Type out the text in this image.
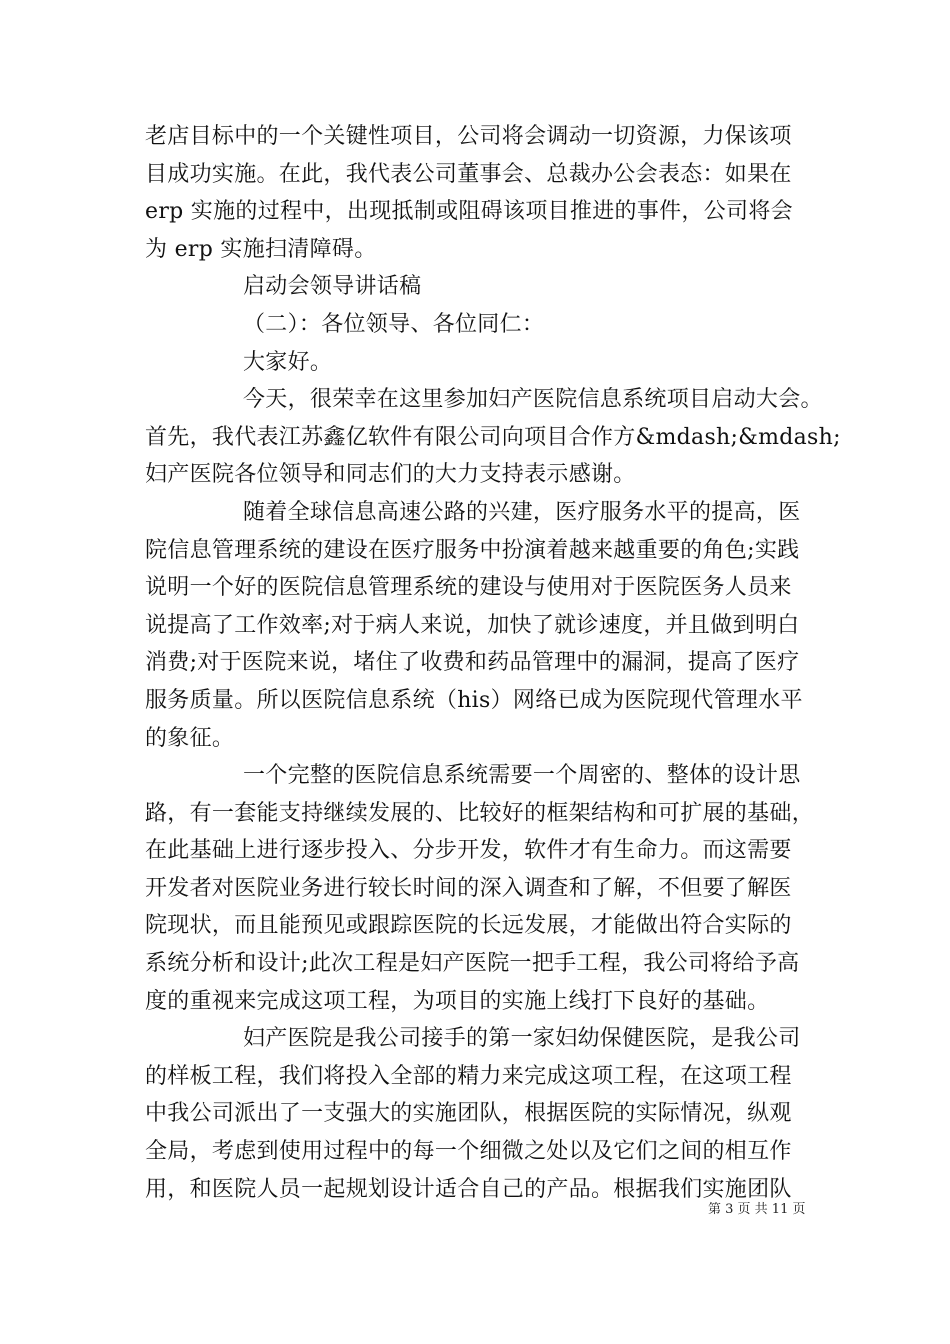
老店目标中的一个关键性项目，公司将会调动一切资源，力保该项
目成功实施。在此，我代表公司董事会、总裁办公会表态：如果在
erp 实施的过程中，出现抵制或阻碍该项目推进的事件，公司将会
为 erp 实施扫清障碍。
启动会领导讲话稿
（二）：各位领导、各位同仁：
大家好。
今天，很荣幸在这里参加妇产医院信息系统项目启动大会。
首先，我代表江苏鑫亿软件有限公司向项目合作方&mdash;&mdash;
妇产医院各位领导和同志们的大力支持表示感谢。
随着全球信息高速公路的兴建，医疗服务水平的提高，医
院信息管理系统的建设在医疗服务中扮演着越来越重要的角色;实践
说明一个好的医院信息管理系统的建设与使用对于医院医务人员来
说提高了工作效率;对于病人来说，加快了就诊速度，并且做到明白
消费;对于医院来说，堵住了收费和药品管理中的漏洞，提高了医疗
服务质量。所以医院信息系统（his）网络已成为医院现代管理水平
的象征。
一个完整的医院信息系统需要一个周密的、整体的设计思
路，有一套能支持继续发展的、比较好的框架结构和可扩展的基础，
在此基础上进行逐步投入、分步开发，软件才有生命力。而这需要
开发者对医院业务进行较长时间的深入调查和了解，不但要了解医
院现状，而且能预见或跟踪医院的长远发展，才能做出符合实际的
系统分析和设计;此次工程是妇产医院一把手工程，我公司将给予高
度的重视来完成这项工程，为项目的实施上线打下良好的基础。
妇产医院是我公司接手的第一家妇幼保健医院，是我公司
的样板工程，我们将投入全部的精力来完成这项工程，在这项工程
中我公司派出了一支强大的实施团队，根据医院的实际情况，纵观
全局，考虑到使用过程中的每一个细微之处以及它们之间的相互作
用，和医院人员一起规划设计适合自己的产品。根据我们实施团队
第 3 页 共 11 页
